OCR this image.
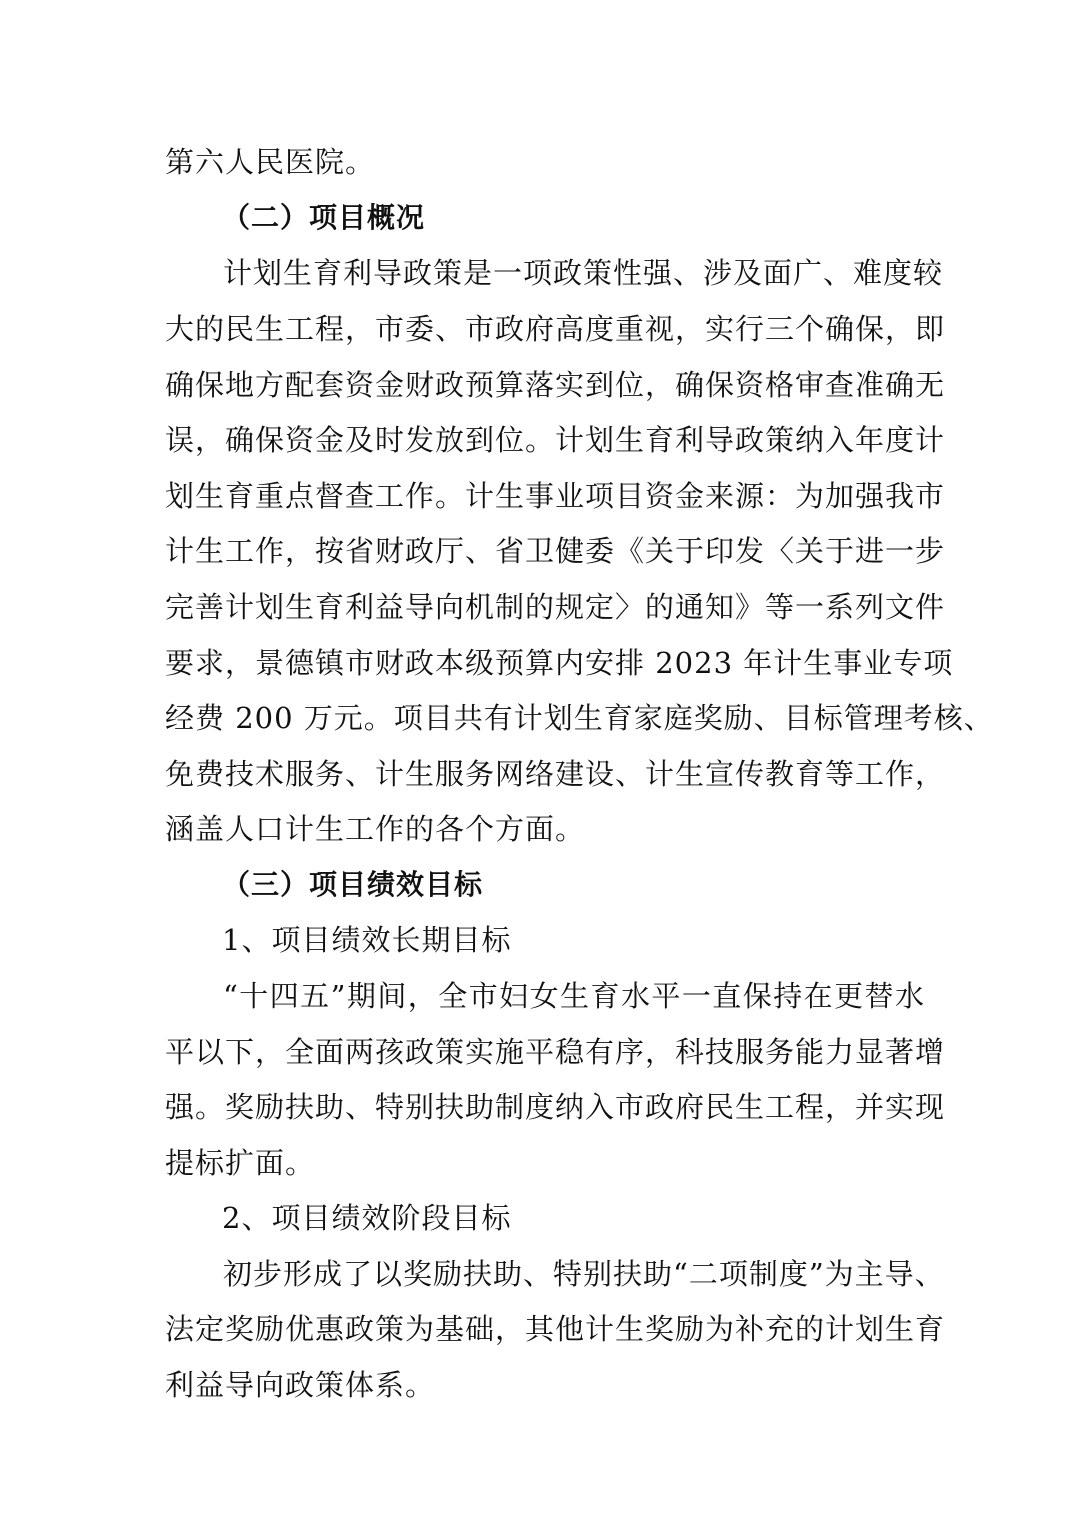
第六人民医院。
（二）项目概况
计划生育利导政策是一项政策性强、涉及面广、难度较
大的民生工程，市委、市政府高度重视，实行三个确保，即
确保地方配套资金财政预算落实到位，确保资格审查准确无
误，确保资金及时发放到位。计划生育利导政策纳入年度计
划生育重点督查工作。计生事业项目资金来源：为加强我市
计生工作，按省财政厅、省卫健委《关于印发〈关于进一步
完善计划生育利益导向机制的规定〉的通知》等一系列文件
要求，景德镇市财政本级预算内安排 2023 年计生事业专项
经费 200 万元。项目共有计划生育家庭奖励、目标管理考核、
免费技术服务、计生服务网络建设、计生宣传教育等工作，
涵盖人口计生工作的各个方面。
（三）项目绩效目标
1、项目绩效长期目标
“十四五”期间，全市妇女生育水平一直保持在更替水
平以下，全面两孩政策实施平稳有序，科技服务能力显著增
强。奖励扶助、特别扶助制度纳入市政府民生工程，并实现
提标扩面。
2、项目绩效阶段目标
初步形成了以奖励扶助、特别扶助“二项制度”为主导、
法定奖励优惠政策为基础，其他计生奖励为补充的计划生育
利益导向政策体系。
